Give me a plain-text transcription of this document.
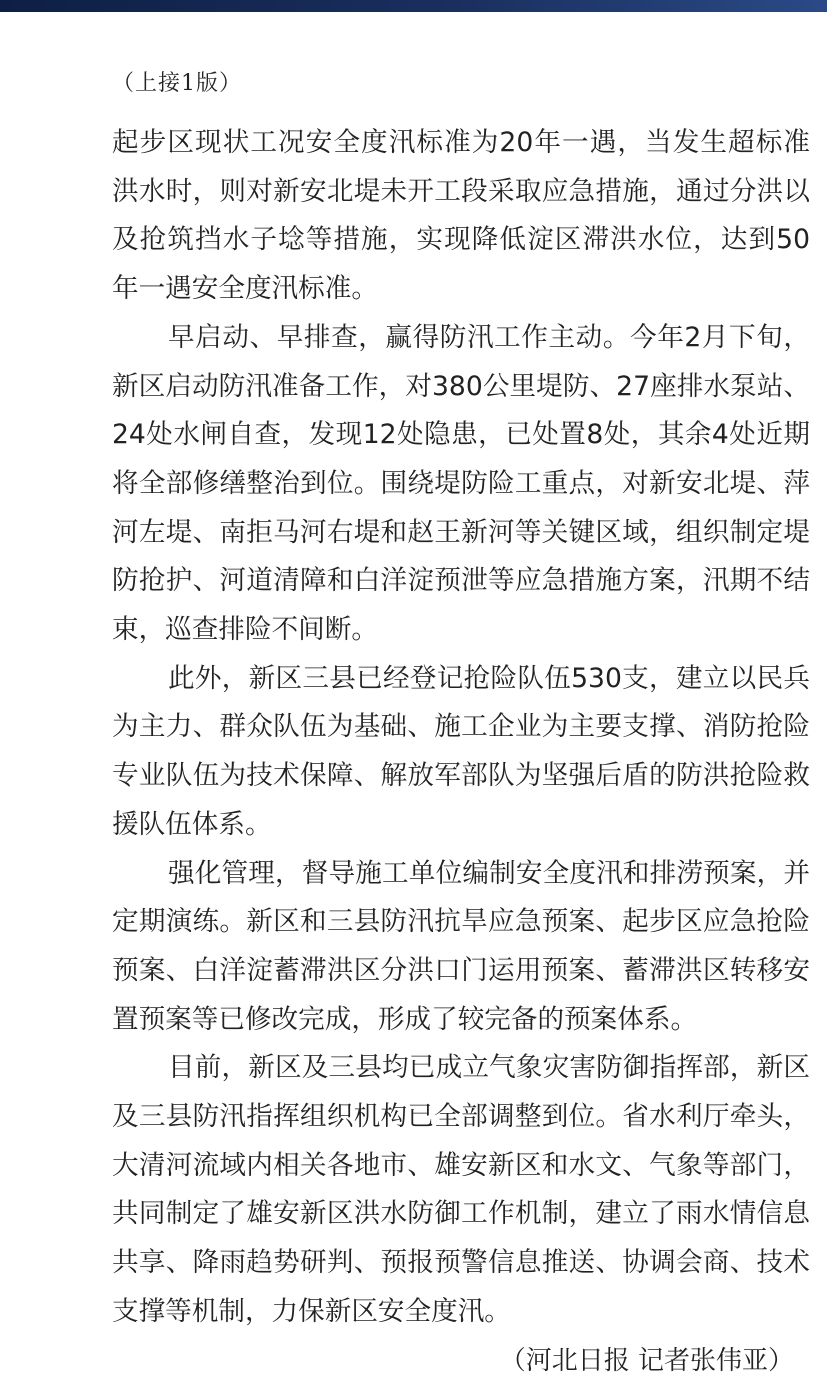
（上接1版）

起步区现状工况安全度汛标准为20年一遇，当发生超标准洪水时，则对新安北堤未开工段采取应急措施，通过分洪以及抢筑挡水子埝等措施，实现降低淀区滞洪水位，达到50年一遇安全度汛标准。

早启动、早排查，赢得防汛工作主动。今年2月下旬，新区启动防汛准备工作，对380公里堤防、27座排水泵站、24处水闸自查，发现12处隐患，已处置8处，其余4处近期将全部修缮整治到位。围绕堤防险工重点，对新安北堤、萍河左堤、南拒马河右堤和赵王新河等关键区域，组织制定堤防抢护、河道清障和白洋淀预泄等应急措施方案，汛期不结束，巡查排险不间断。

此外，新区三县已经登记抢险队伍530支，建立以民兵为主力、群众队伍为基础、施工企业为主要支撑、消防抢险专业队伍为技术保障、解放军部队为坚强后盾的防洪抢险救援队伍体系。

强化管理，督导施工单位编制安全度汛和排涝预案，并定期演练。新区和三县防汛抗旱应急预案、起步区应急抢险预案、白洋淀蓄滞洪区分洪口门运用预案、蓄滞洪区转移安置预案等已修改完成，形成了较完备的预案体系。

目前，新区及三县均已成立气象灾害防御指挥部，新区及三县防汛指挥组织机构已全部调整到位。省水利厅牵头，大清河流域内相关各地市、雄安新区和水文、气象等部门，共同制定了雄安新区洪水防御工作机制，建立了雨水情信息共享、降雨趋势研判、预报预警信息推送、协调会商、技术支撑等机制，力保新区安全度汛。

（河北日报 记者张伟亚）
